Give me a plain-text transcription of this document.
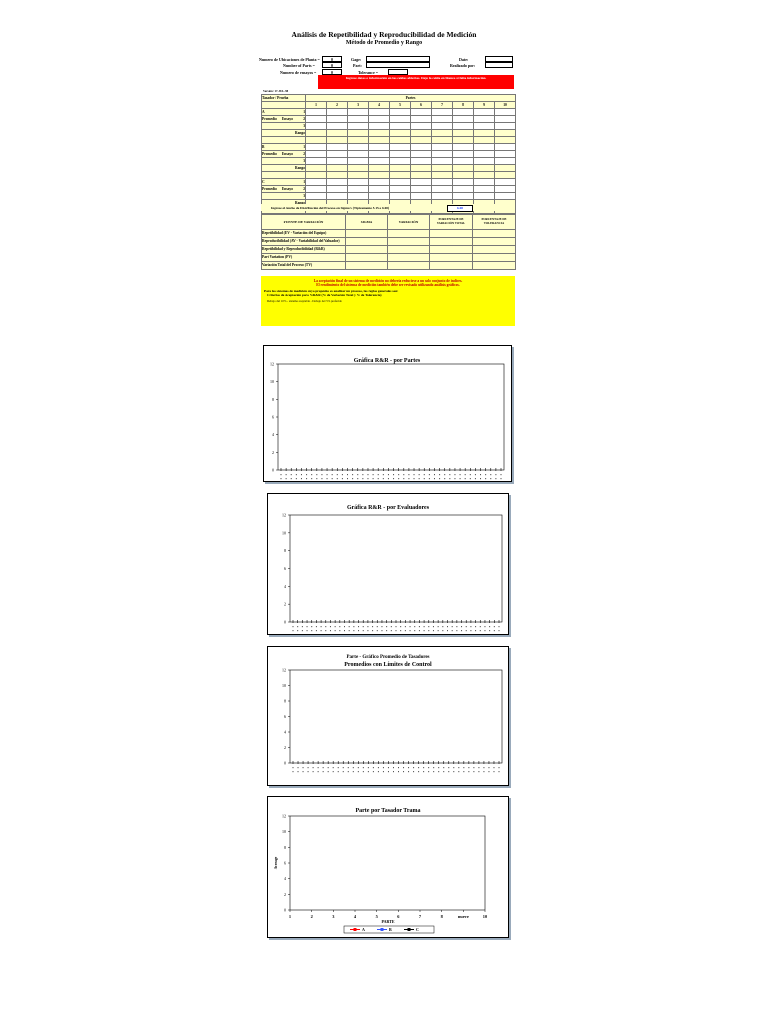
Análisis de Repetibilidad y Reproducibilidad de Medición
Método de Promedio y Rango
Numero de Ubicaciones de Planta =	0
Number of Parts =	0
Numero de ensayos =	0
Gage:
Part:
Tolerance =
Date:
Realizado por:
Ingrese datos e información en las celdas abiertas. Deje la celda en blanco si falta información.
Versión: 17-JUL-98
Tasador / Prueba	Partes									
	1	2	3	4	5	6	7	8	9	10
A 1										

Promedio Ensayo 2										

3										

Rango										

B 1										

Promedio Ensayo 2										

3										

Rango										

C 1										

Promedio Ensayo 2										

3										

Rango										

Ingrese el Ancho de Distribución del Proceso en Sigma's (Típicamente 5.15 o 6.00)	6.00
FUENTE DE VARIACIÓN	SIGMA	VARIACIÓN	PORCENTAJE DE VARIACIÓN TOTAL	PORCENTAJE DE TOLERANCIA
Repetibilidad (EV - Variación del Equipo)				
Reproducibilidad (AV - Variabilidad del Valuador)				
Repetibilidad y Reproducibilidad (R&R)				
Part Variation (PV)				
Variación Total del Proceso (TV)				
La aceptación final de un sistema de medición no debería reducirse a un solo conjunto de índices.
El rendimiento del sistema de medición también debe ser revisado utilizando análisis gráficos.
Para los sistemas de medición cuyo propósito es analizar un proceso, las reglas generales son:
Criterios de Aceptación para %R&R (% de Variación Total y % de Tolerancia)
Debajo del 10% - sistema aceptable - Debajo del 5% preferido
Gráfica R&R - por Partes
0
2
4
6
8
10
12
Gráfica R&R - por Evaluadores
0
2
4
6
8
10
12
Parte - Gráfico Promedio de Tasadores
Promedios con Límites de Control
0
2
4
6
8
10
12
Parte por Tasador Trama
0
2
4
6
8
10
12
1	2	3	4	5	6	7	8	nueve	10
PARTE
Average
A	B	C
